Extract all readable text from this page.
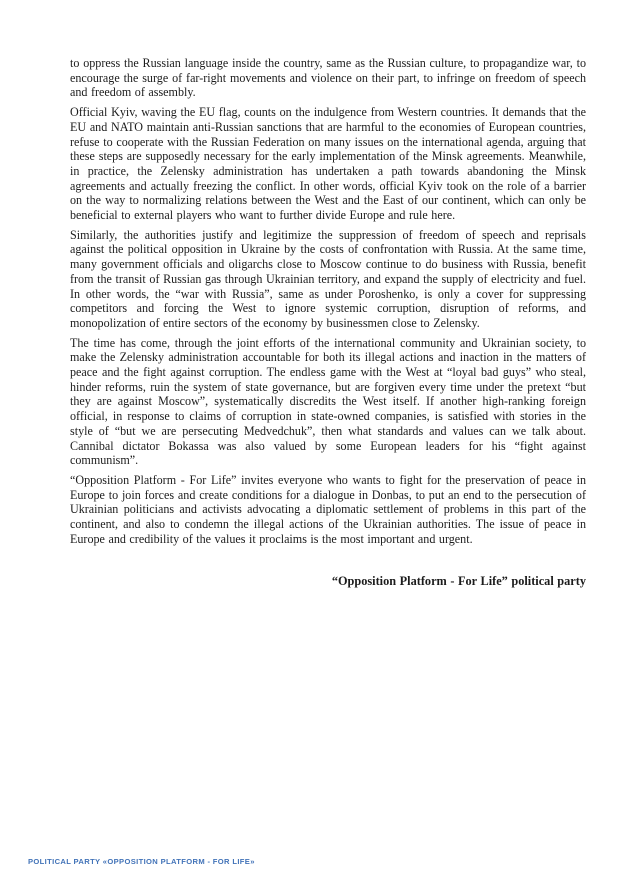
to oppress the Russian language inside the country, same as the Russian culture, to propagandize war, to encourage the surge of far-right movements and violence on their part, to infringe on freedom of speech and freedom of assembly.

Official Kyiv, waving the EU flag, counts on the indulgence from Western countries. It demands that the EU and NATO maintain anti-Russian sanctions that are harmful to the economies of European countries, refuse to cooperate with the Russian Federation on many issues on the international agenda, arguing that these steps are supposedly necessary for the early implementation of the Minsk agreements. Meanwhile, in practice, the Zelensky administration has undertaken a path towards abandoning the Minsk agreements and actually freezing the conflict. In other words, official Kyiv took on the role of a barrier on the way to normalizing relations between the West and the East of our continent, which can only be beneficial to external players who want to further divide Europe and rule here.

Similarly, the authorities justify and legitimize the suppression of freedom of speech and reprisals against the political opposition in Ukraine by the costs of confrontation with Russia. At the same time, many government officials and oligarchs close to Moscow continue to do business with Russia, benefit from the transit of Russian gas through Ukrainian territory, and expand the supply of electricity and fuel. In other words, the “war with Russia”, same as under Poroshenko, is only a cover for suppressing competitors and forcing the West to ignore systemic corruption, disruption of reforms, and monopolization of entire sectors of the economy by businessmen close to Zelensky.

The time has come, through the joint efforts of the international community and Ukrainian society, to make the Zelensky administration accountable for both its illegal actions and inaction in the matters of peace and the fight against corruption. The endless game with the West at “loyal bad guys” who steal, hinder reforms, ruin the system of state governance, but are forgiven every time under the pretext “but they are against Moscow”, systematically discredits the West itself. If another high-ranking foreign official, in response to claims of corruption in state-owned companies, is satisfied with stories in the style of “but we are persecuting Medvedchuk”, then what standards and values can we talk about. Cannibal dictator Bokassa was also valued by some European leaders for his “fight against communism”.

“Opposition Platform - For Life” invites everyone who wants to fight for the preservation of peace in Europe to join forces and create conditions for a dialogue in Donbas, to put an end to the persecution of Ukrainian politicians and activists advocating a diplomatic settlement of problems in this part of the continent, and also to condemn the illegal actions of the Ukrainian authorities. The issue of peace in Europe and credibility of the values it proclaims is the most important and urgent.

“Opposition Platform - For Life” political party

POLITICAL PARTY «OPPOSITION PLATFORM - FOR LIFE»
